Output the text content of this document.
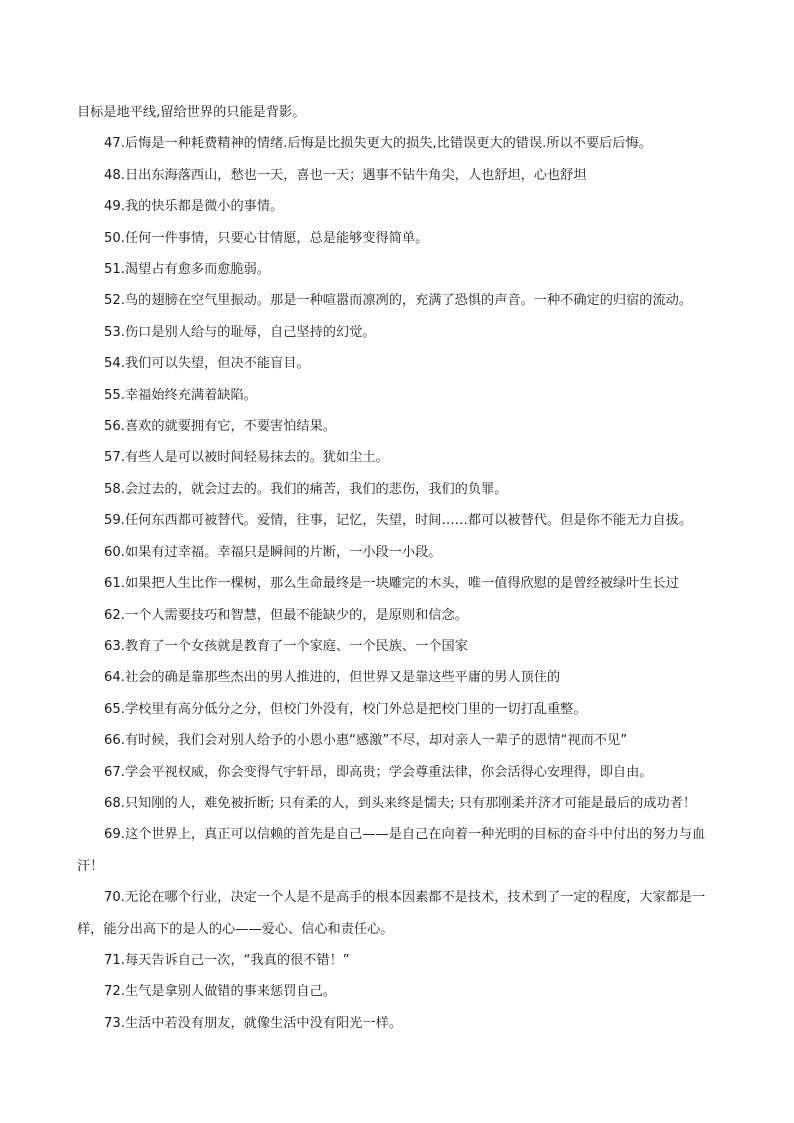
目标是地平线,留给世界的只能是背影。

47.后悔是一种耗费精神的情绪.后悔是比损失更大的损失,比错误更大的错误.所以不要后后悔。

48.日出东海落西山，愁也一天，喜也一天；遇事不钻牛角尖，人也舒坦，心也舒坦

49.我的快乐都是微小的事情。

50.任何一件事情，只要心甘情愿，总是能够变得简单。

51.渴望占有愈多而愈脆弱。

52.鸟的翅膀在空气里振动。那是一种喧嚣而凛冽的，充满了恐惧的声音。一种不确定的归宿的流动。

53.伤口是别人给与的耻辱，自己坚持的幻觉。

54.我们可以失望，但决不能盲目。

55.幸福始终充满着缺陷。

56.喜欢的就要拥有它，不要害怕结果。

57.有些人是可以被时间轻易抹去的。犹如尘土。

58.会过去的，就会过去的。我们的痛苦，我们的悲伤，我们的负罪。

59.任何东西都可被替代。爱情，往事，记忆，失望，时间……都可以被替代。但是你不能无力自拔。

60.如果有过幸福。幸福只是瞬间的片断，一小段一小段。

61.如果把人生比作一棵树，那么生命最终是一块雕完的木头，唯一值得欣慰的是曾经被绿叶生长过

62.一个人需要技巧和智慧，但最不能缺少的，是原则和信念。

63.教育了一个女孩就是教育了一个家庭、一个民族、一个国家

64.社会的确是靠那些杰出的男人推进的，但世界又是靠这些平庸的男人顶住的

65.学校里有高分低分之分，但校门外没有，校门外总是把校门里的一切打乱重整。

66.有时候，我们会对别人给予的小恩小惠“感激”不尽，却对亲人一辈子的恩情“视而不见”

67.学会平视权威，你会变得气宇轩昂，即高贵；学会尊重法律，你会活得心安理得，即自由。

68.只知刚的人，难免被折断; 只有柔的人，到头来终是懦夫; 只有那刚柔并济才可能是最后的成功者！

69.这个世界上，真正可以信赖的首先是自己——是自己在向着一种光明的目标的奋斗中付出的努力与血汗！

70.无论在哪个行业，决定一个人是不是高手的根本因素都不是技术，技术到了一定的程度，大家都是一样，能分出高下的是人的心——爱心、信心和责任心。

71.每天告诉自己一次，“我真的很不错！”

72.生气是拿别人做错的事来惩罚自己。

73.生活中若没有朋友，就像生活中没有阳光一样。
